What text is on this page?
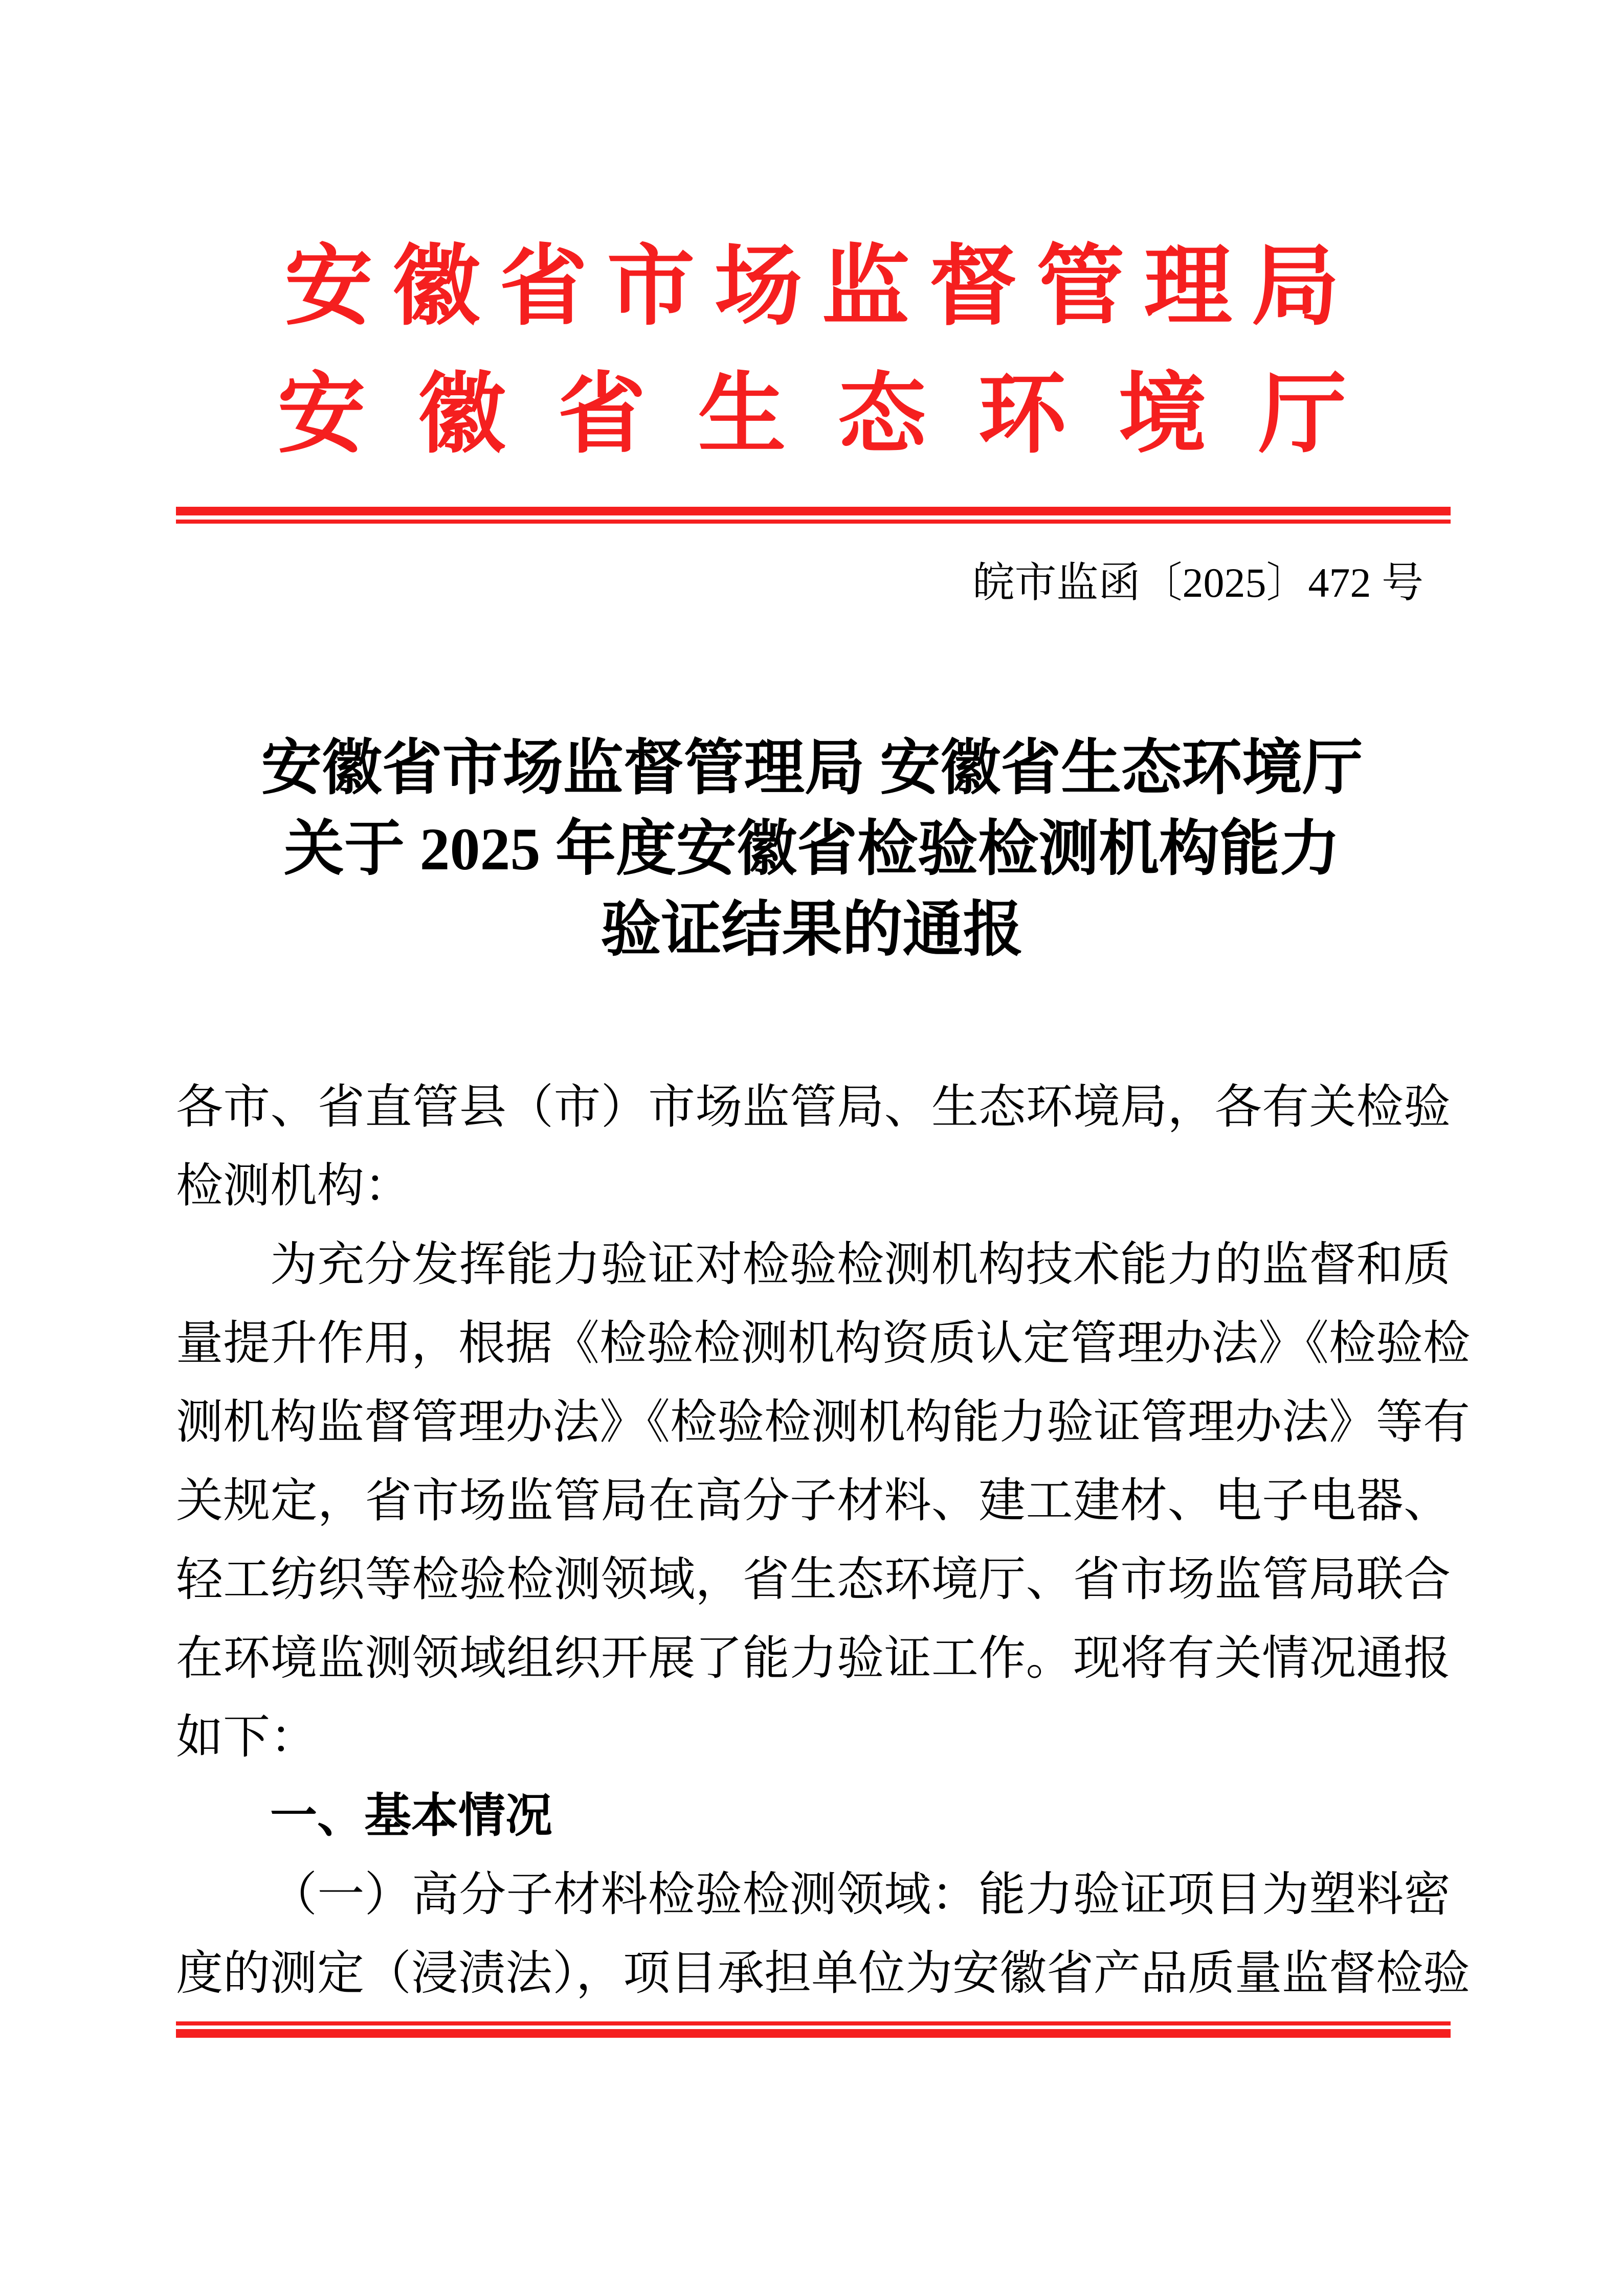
安徽省市场监督管理局
安徽省生态环境厅
皖市监函〔2025〕472 号
安徽省市场监督管理局 安徽省生态环境厅
关于 2025 年度安徽省检验检测机构能力
验证结果的通报
各市、省直管县（市）市场监管局、生态环境局，各有关检验
检测机构：
为充分发挥能力验证对检验检测机构技术能力的监督和质
量提升作用，根据《检验检测机构资质认定管理办法》《检验检
测机构监督管理办法》《检验检测机构能力验证管理办法》等有
关规定，省市场监管局在高分子材料、建工建材、电子电器、
轻工纺织等检验检测领域，省生态环境厅、省市场监管局联合
在环境监测领域组织开展了能力验证工作。现将有关情况通报
如下：
一、基本情况
（一）高分子材料检验检测领域：能力验证项目为塑料密
度的测定（浸渍法），项目承担单位为安徽省产品质量监督检验
